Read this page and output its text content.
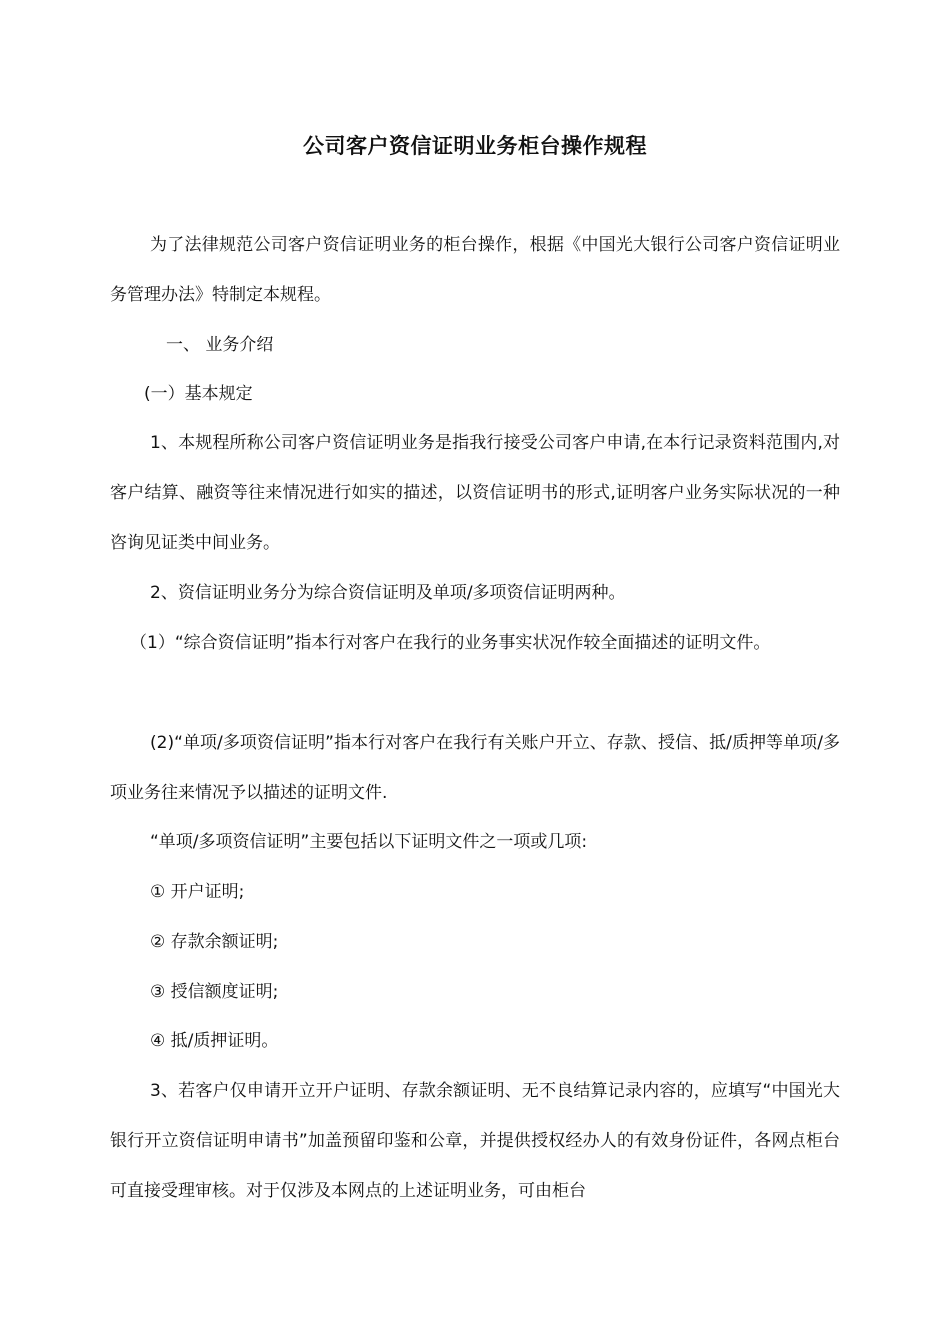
公司客户资信证明业务柜台操作规程

为了法律规范公司客户资信证明业务的柜台操作，根据《中国光大银行公司客户资信证明业务管理办法》特制定本规程。

一、 业务介绍

(一）基本规定

1、本规程所称公司客户资信证明业务是指我行接受公司客户申请,在本行记录资料范围内,对客户结算、融资等往来情况进行如实的描述，以资信证明书的形式,证明客户业务实际状况的一种咨询见证类中间业务。

2、资信证明业务分为综合资信证明及单项/多项资信证明两种。

（1）“综合资信证明”指本行对客户在我行的业务事实状况作较全面描述的证明文件。

(2)“单项/多项资信证明”指本行对客户在我行有关账户开立、存款、授信、抵/质押等单项/多项业务往来情况予以描述的证明文件.

“单项/多项资信证明”主要包括以下证明文件之一项或几项:

① 开户证明;

② 存款余额证明;

③ 授信额度证明;

④ 抵/质押证明。

3、若客户仅申请开立开户证明、存款余额证明、无不良结算记录内容的，应填写“中国光大银行开立资信证明申请书”加盖预留印鉴和公章，并提供授权经办人的有效身份证件，各网点柜台可直接受理审核。对于仅涉及本网点的上述证明业务，可由柜台
